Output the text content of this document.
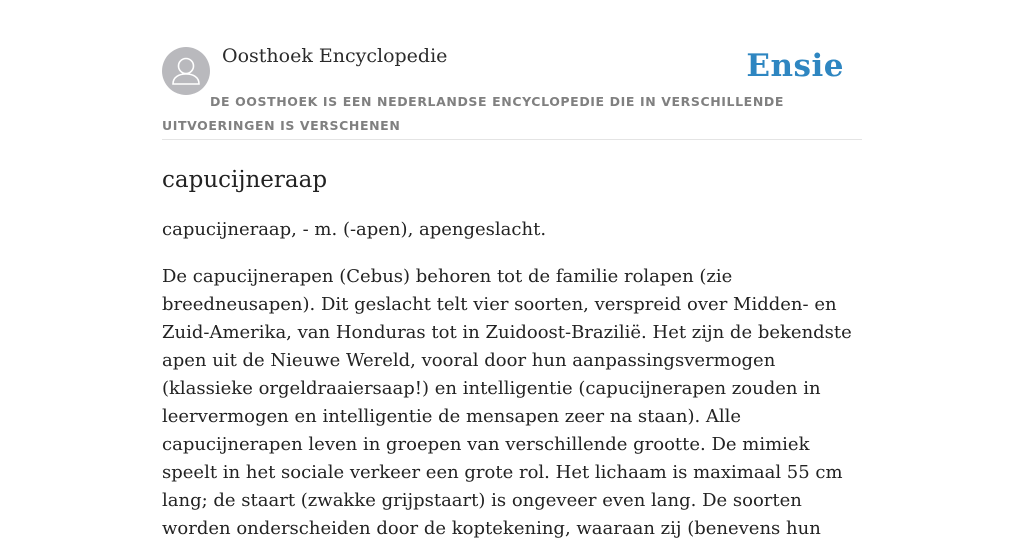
Oosthoek Encyclopedie	Ensie
DE OOSTHOEK IS EEN NEDERLANDSE ENCYCLOPEDIE DIE IN VERSCHILLENDE UITVOERINGEN IS VERSCHENEN
capucijneraap

capucijneraap, - m. (-apen), apengeslacht.

De capucijnerapen (Cebus) behoren tot de familie rolapen (zie breedneusapen). Dit geslacht telt vier soorten, verspreid over Midden- en Zuid-Amerika, van Honduras tot in Zuidoost-Brazilië. Het zijn de bekendste apen uit de Nieuwe Wereld, vooral door hun aanpassingsvermogen (klassieke orgeldraaiersaap!) en intelligentie (capucijnerapen zouden in leervermogen en intelligentie de mensapen zeer na staan). Alle capucijnerapen leven in groepen van verschillende grootte. De mimiek speelt in het sociale verkeer een grote rol. Het lichaam is maximaal 55 cm lang; de staart (zwakke grijpstaart) is ongeveer even lang. De soorten worden onderscheiden door de koptekening, waaraan zij (benevens hun
